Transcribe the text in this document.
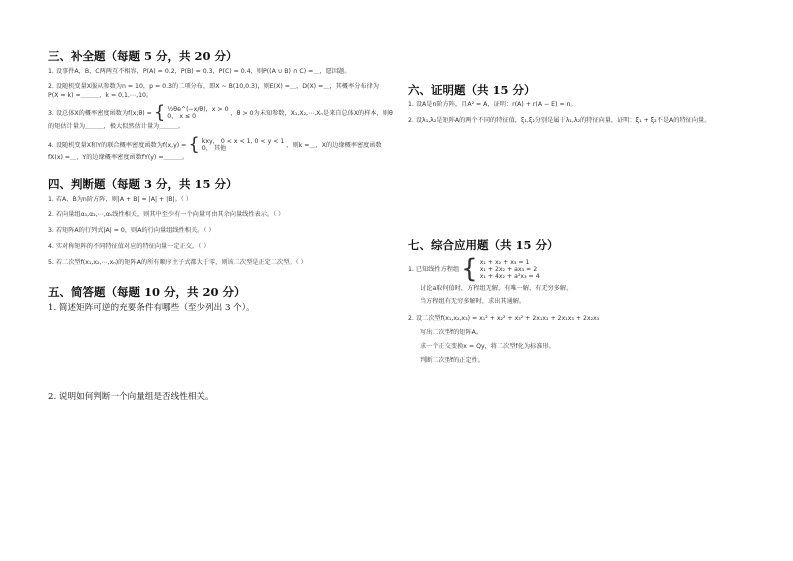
三、补全题（每题 5 分，共 20 分）
1. 设事件A，B，C两两互不相容，P(A) = 0.2，P(B) = 0.3，P(C) = 0.4，则P((A ∪ B) ∩ C) =＿，愿因题。
2. 设随机变量X服从参数为n = 10，p = 0.3的二项分布，即X ~ B(10,0.3)，则E(X) =＿，D(X) =＿，其概率分布律为
P(X = k) =＿＿＿，k = 0,1,⋯,10。
3. 设总体X的概率密度函数为f(x;θ) = { ½θe^(−x/θ)，x > 0
0， x ≤ 0	，θ > 0为未知参数，X₁,X₂,⋯,Xₙ是来自总体X的样本，则θ
的矩估计量为＿＿＿，极大似然估计量为＿＿＿。
4. 设随机变量X和Y的联合概率密度函数为f(x,y) = { kxy， 0 < x < 1, 0 < y < 1
0， 其他	，则k =＿，X的边缘概率密度函数
fX(x) =＿，Y的边缘概率密度函数fY(y) =＿＿＿。
四、判断题（每题 3 分，共 15 分）
1. 若A，B为n阶方阵，则|A + B| = |A| + |B|。（ ）
2. 若向量组α₁,α₂,⋯,αₛ线性相关，则其中至少有一个向量可由其余向量线性表示。（ ）
3. 若矩阵A的行列式|A| = 0，则A的行向量组线性相关。（ ）
4. 实对称矩阵的不同特征值对应的特征向量一定正交。（ ）
5. 若二次型f(x₁,x₂,⋯,xₙ)的矩阵A的所有顺序主子式都大于零，则该二次型是正定二次型。（ ）
五、简答题（每题 10 分，共 20 分）
1. 简述矩阵可逆的充要条件有哪些（至少列出 3 个）。
2. 说明如何判断一个向量组是否线性相关。
六、证明题（共 15 分）
1. 设A是n阶方阵，且A² = A，证明：r(A) + r(A − E) = n。
2. 设λ₁,λ₂是矩阵A的两个不同的特征值，ξ₁,ξ₂分别是属于λ₁,λ₂的特征向量，证明：ξ₁ + ξ₂不是A的特征向量。
七、综合应用题（共 15 分）
1. 已知线性方程组 { x₁ + x₂ + x₃ = 1
x₁ + 2x₂ + ax₃ = 2
x₁ + 4x₂ + a²x₃ = 4
讨论a取何值时，方程组无解、有唯一解、有无穷多解。
当方程组有无穷多解时，求出其通解。
2. 设二次型f(x₁,x₂,x₃) = x₁² + x₂² + x₃² + 2x₁x₂ + 2x₁x₃ + 2x₂x₃
写出二次型f的矩阵A。
求一个正交变换x = Qy，将二次型f化为标准形。
判断二次型f的正定性。
